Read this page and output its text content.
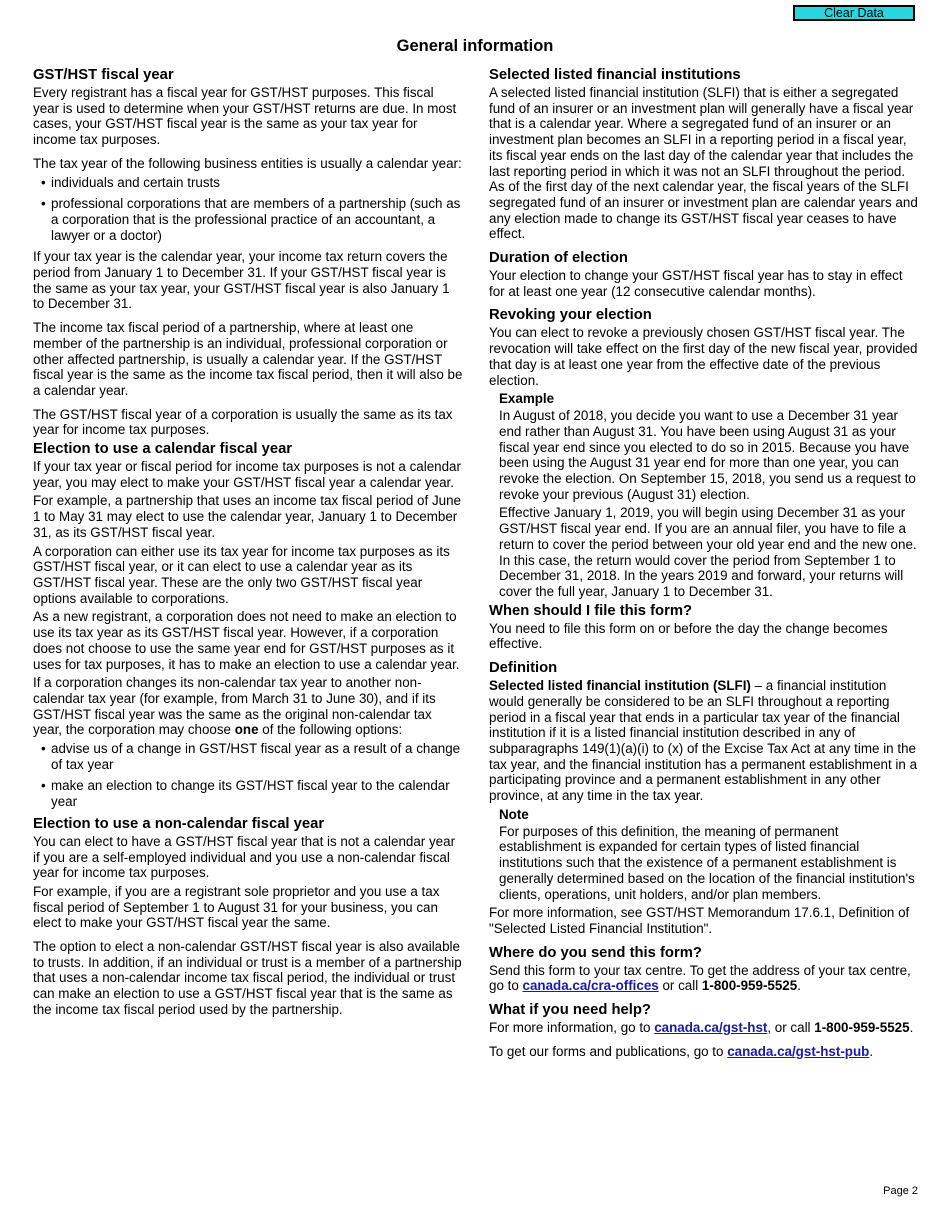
Clear Data
General information
GST/HST fiscal year

Every registrant has a fiscal year for GST/HST purposes. This fiscal year is used to determine when your GST/HST returns are due. In most cases, your GST/HST fiscal year is the same as your tax year for income tax purposes.

The tax year of the following business entities is usually a calendar year:

• individuals and certain trusts
• professional corporations that are members of a partnership (such as a corporation that is the professional practice of an accountant, a lawyer or a doctor)

If your tax year is the calendar year, your income tax return covers the period from January 1 to December 31. If your GST/HST fiscal year is the same as your tax year, your GST/HST fiscal year is also January 1 to December 31.

The income tax fiscal period of a partnership, where at least one member of the partnership is an individual, professional corporation or other affected partnership, is usually a calendar year. If the GST/HST fiscal year is the same as the income tax fiscal period, then it will also be a calendar year.

The GST/HST fiscal year of a corporation is usually the same as its tax year for income tax purposes.

Election to use a calendar fiscal year

If your tax year or fiscal period for income tax purposes is not a calendar year, you may elect to make your GST/HST fiscal year a calendar year.

For example, a partnership that uses an income tax fiscal period of June 1 to May 31 may elect to use the calendar year, January 1 to December 31, as its GST/HST fiscal year.

A corporation can either use its tax year for income tax purposes as its GST/HST fiscal year, or it can elect to use a calendar year as its GST/HST fiscal year. These are the only two GST/HST fiscal year options available to corporations.

As a new registrant, a corporation does not need to make an election to use its tax year as its GST/HST fiscal year. However, if a corporation does not choose to use the same year end for GST/HST purposes as it uses for tax purposes, it has to make an election to use a calendar year.

If a corporation changes its non-calendar tax year to another non-calendar tax year (for example, from March 31 to June 30), and if its GST/HST fiscal year was the same as the original non-calendar tax year, the corporation may choose one of the following options:

• advise us of a change in GST/HST fiscal year as a result of a change of tax year
• make an election to change its GST/HST fiscal year to the calendar year
Election to use a non-calendar fiscal year

You can elect to have a GST/HST fiscal year that is not a calendar year if you are a self-employed individual and you use a non-calendar fiscal year for income tax purposes.

For example, if you are a registrant sole proprietor and you use a tax fiscal period of September 1 to August 31 for your business, you can elect to make your GST/HST fiscal year the same.

The option to elect a non-calendar GST/HST fiscal year is also available to trusts. In addition, if an individual or trust is a member of a partnership that uses a non-calendar income tax fiscal period, the individual or trust can make an election to use a GST/HST fiscal year that is the same as the income tax fiscal period used by the partnership.

Selected listed financial institutions

A selected listed financial institution (SLFI) that is either a segregated fund of an insurer or an investment plan will generally have a fiscal year that is a calendar year. Where a segregated fund of an insurer or an investment plan becomes an SLFI in a reporting period in a fiscal year, its fiscal year ends on the last day of the calendar year that includes the last reporting period in which it was not an SLFI throughout the period. As of the first day of the next calendar year, the fiscal years of the SLFI segregated fund of an insurer or investment plan are calendar years and any election made to change its GST/HST fiscal year ceases to have effect.

Duration of election

Your election to change your GST/HST fiscal year has to stay in effect for at least one year (12 consecutive calendar months).

Revoking your election

You can elect to revoke a previously chosen GST/HST fiscal year. The revocation will take effect on the first day of the new fiscal year, provided that day is at least one year from the effective date of the previous election.

Example

In August of 2018, you decide you want to use a December 31 year end rather than August 31. You have been using August 31 as your fiscal year end since you elected to do so in 2015. Because you have been using the August 31 year end for more than one year, you can revoke the election. On September 15, 2018, you send us a request to revoke your previous (August 31) election.

Effective January 1, 2019, you will begin using December 31 as your GST/HST fiscal year end. If you are an annual filer, you have to file a return to cover the period between your old year end and the new one. In this case, the return would cover the period from September 1 to December 31, 2018. In the years 2019 and forward, your returns will cover the full year, January 1 to December 31.

When should I file this form?

You need to file this form on or before the day the change becomes effective.

Definition

Selected listed financial institution (SLFI) – a financial institution would generally be considered to be an SLFI throughout a reporting period in a fiscal year that ends in a particular tax year of the financial institution if it is a listed financial institution described in any of subparagraphs 149(1)(a)(i) to (x) of the Excise Tax Act at any time in the tax year, and the financial institution has a permanent establishment in a participating province and a permanent establishment in any other province, at any time in the tax year.

Note

For purposes of this definition, the meaning of permanent establishment is expanded for certain types of listed financial institutions such that the existence of a permanent establishment is generally determined based on the location of the financial institution's clients, operations, unit holders, and/or plan members.

For more information, see GST/HST Memorandum 17.6.1, Definition of "Selected Listed Financial Institution".

Where do you send this form?

Send this form to your tax centre. To get the address of your tax centre, go to canada.ca/cra-offices or call 1-800-959-5525.

What if you need help?

For more information, go to canada.ca/gst-hst, or call 1-800-959-5525.

To get our forms and publications, go to canada.ca/gst-hst-pub.

Page 2
